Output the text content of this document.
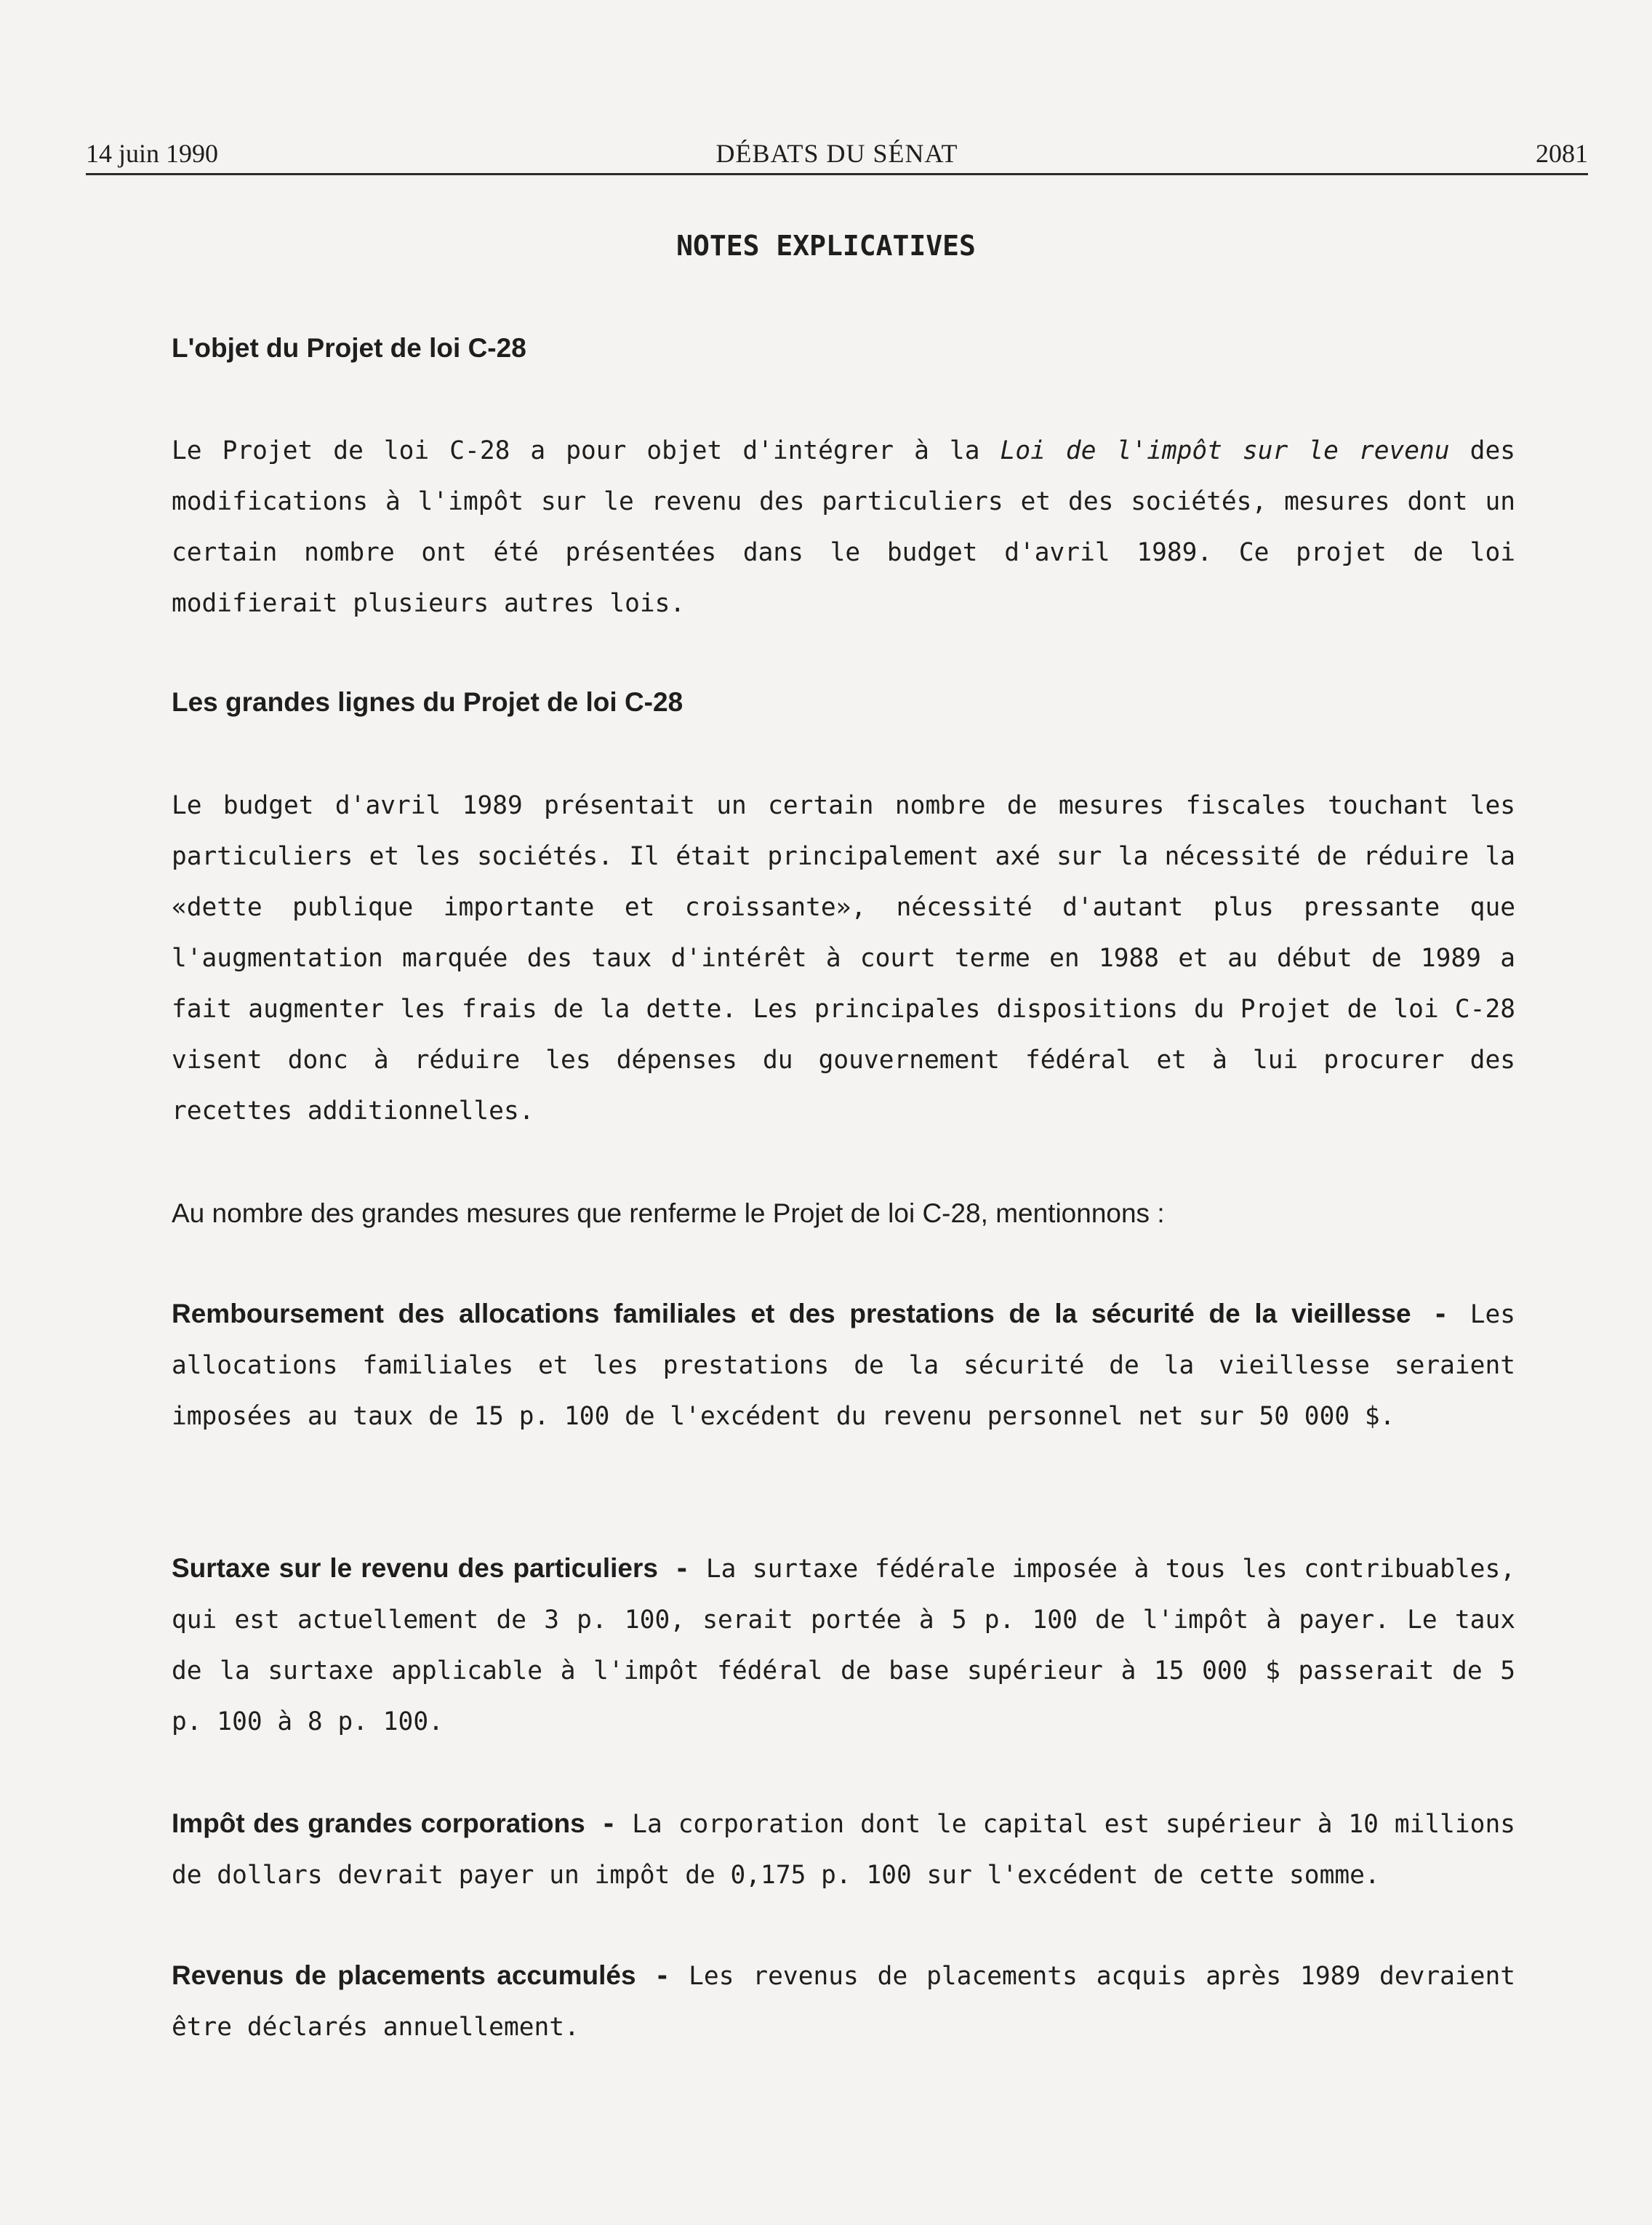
14 juin 1990	DÉBATS DU SÉNAT	2081
NOTES EXPLICATIVES
L'objet du Projet de loi C-28

Le Projet de loi C-28 a pour objet d'intégrer à la Loi de l'impôt sur le revenu des modifications à l'impôt sur le revenu des particuliers et des sociétés, mesures dont un certain nombre ont été présentées dans le budget d'avril 1989. Ce projet de loi modifierait plusieurs autres lois.

Les grandes lignes du Projet de loi C-28

Le budget d'avril 1989 présentait un certain nombre de mesures fiscales touchant les particuliers et les sociétés. Il était principalement axé sur la nécessité de réduire la «dette publique importante et croissante», nécessité d'autant plus pressante que l'augmentation marquée des taux d'intérêt à court terme en 1988 et au début de 1989 a fait augmenter les frais de la dette. Les principales dispositions du Projet de loi C-28 visent donc à réduire les dépenses du gouvernement fédéral et à lui procurer des recettes additionnelles.

Au nombre des grandes mesures que renferme le Projet de loi C-28, mentionnons :

Remboursement des allocations familiales et des prestations de la sécurité de la vieillesse - Les allocations familiales et les prestations de la sécurité de la vieillesse seraient imposées au taux de 15 p. 100 de l'excédent du revenu personnel net sur 50 000 $.

Surtaxe sur le revenu des particuliers - La surtaxe fédérale imposée à tous les contribuables, qui est actuellement de 3 p. 100, serait portée à 5 p. 100 de l'impôt à payer. Le taux de la surtaxe applicable à l'impôt fédéral de base supérieur à 15 000 $ passerait de 5 p. 100 à 8 p. 100.

Impôt des grandes corporations - La corporation dont le capital est supérieur à 10 millions de dollars devrait payer un impôt de 0,175 p. 100 sur l'excédent de cette somme.

Revenus de placements accumulés - Les revenus de placements acquis après 1989 devraient être déclarés annuellement.
